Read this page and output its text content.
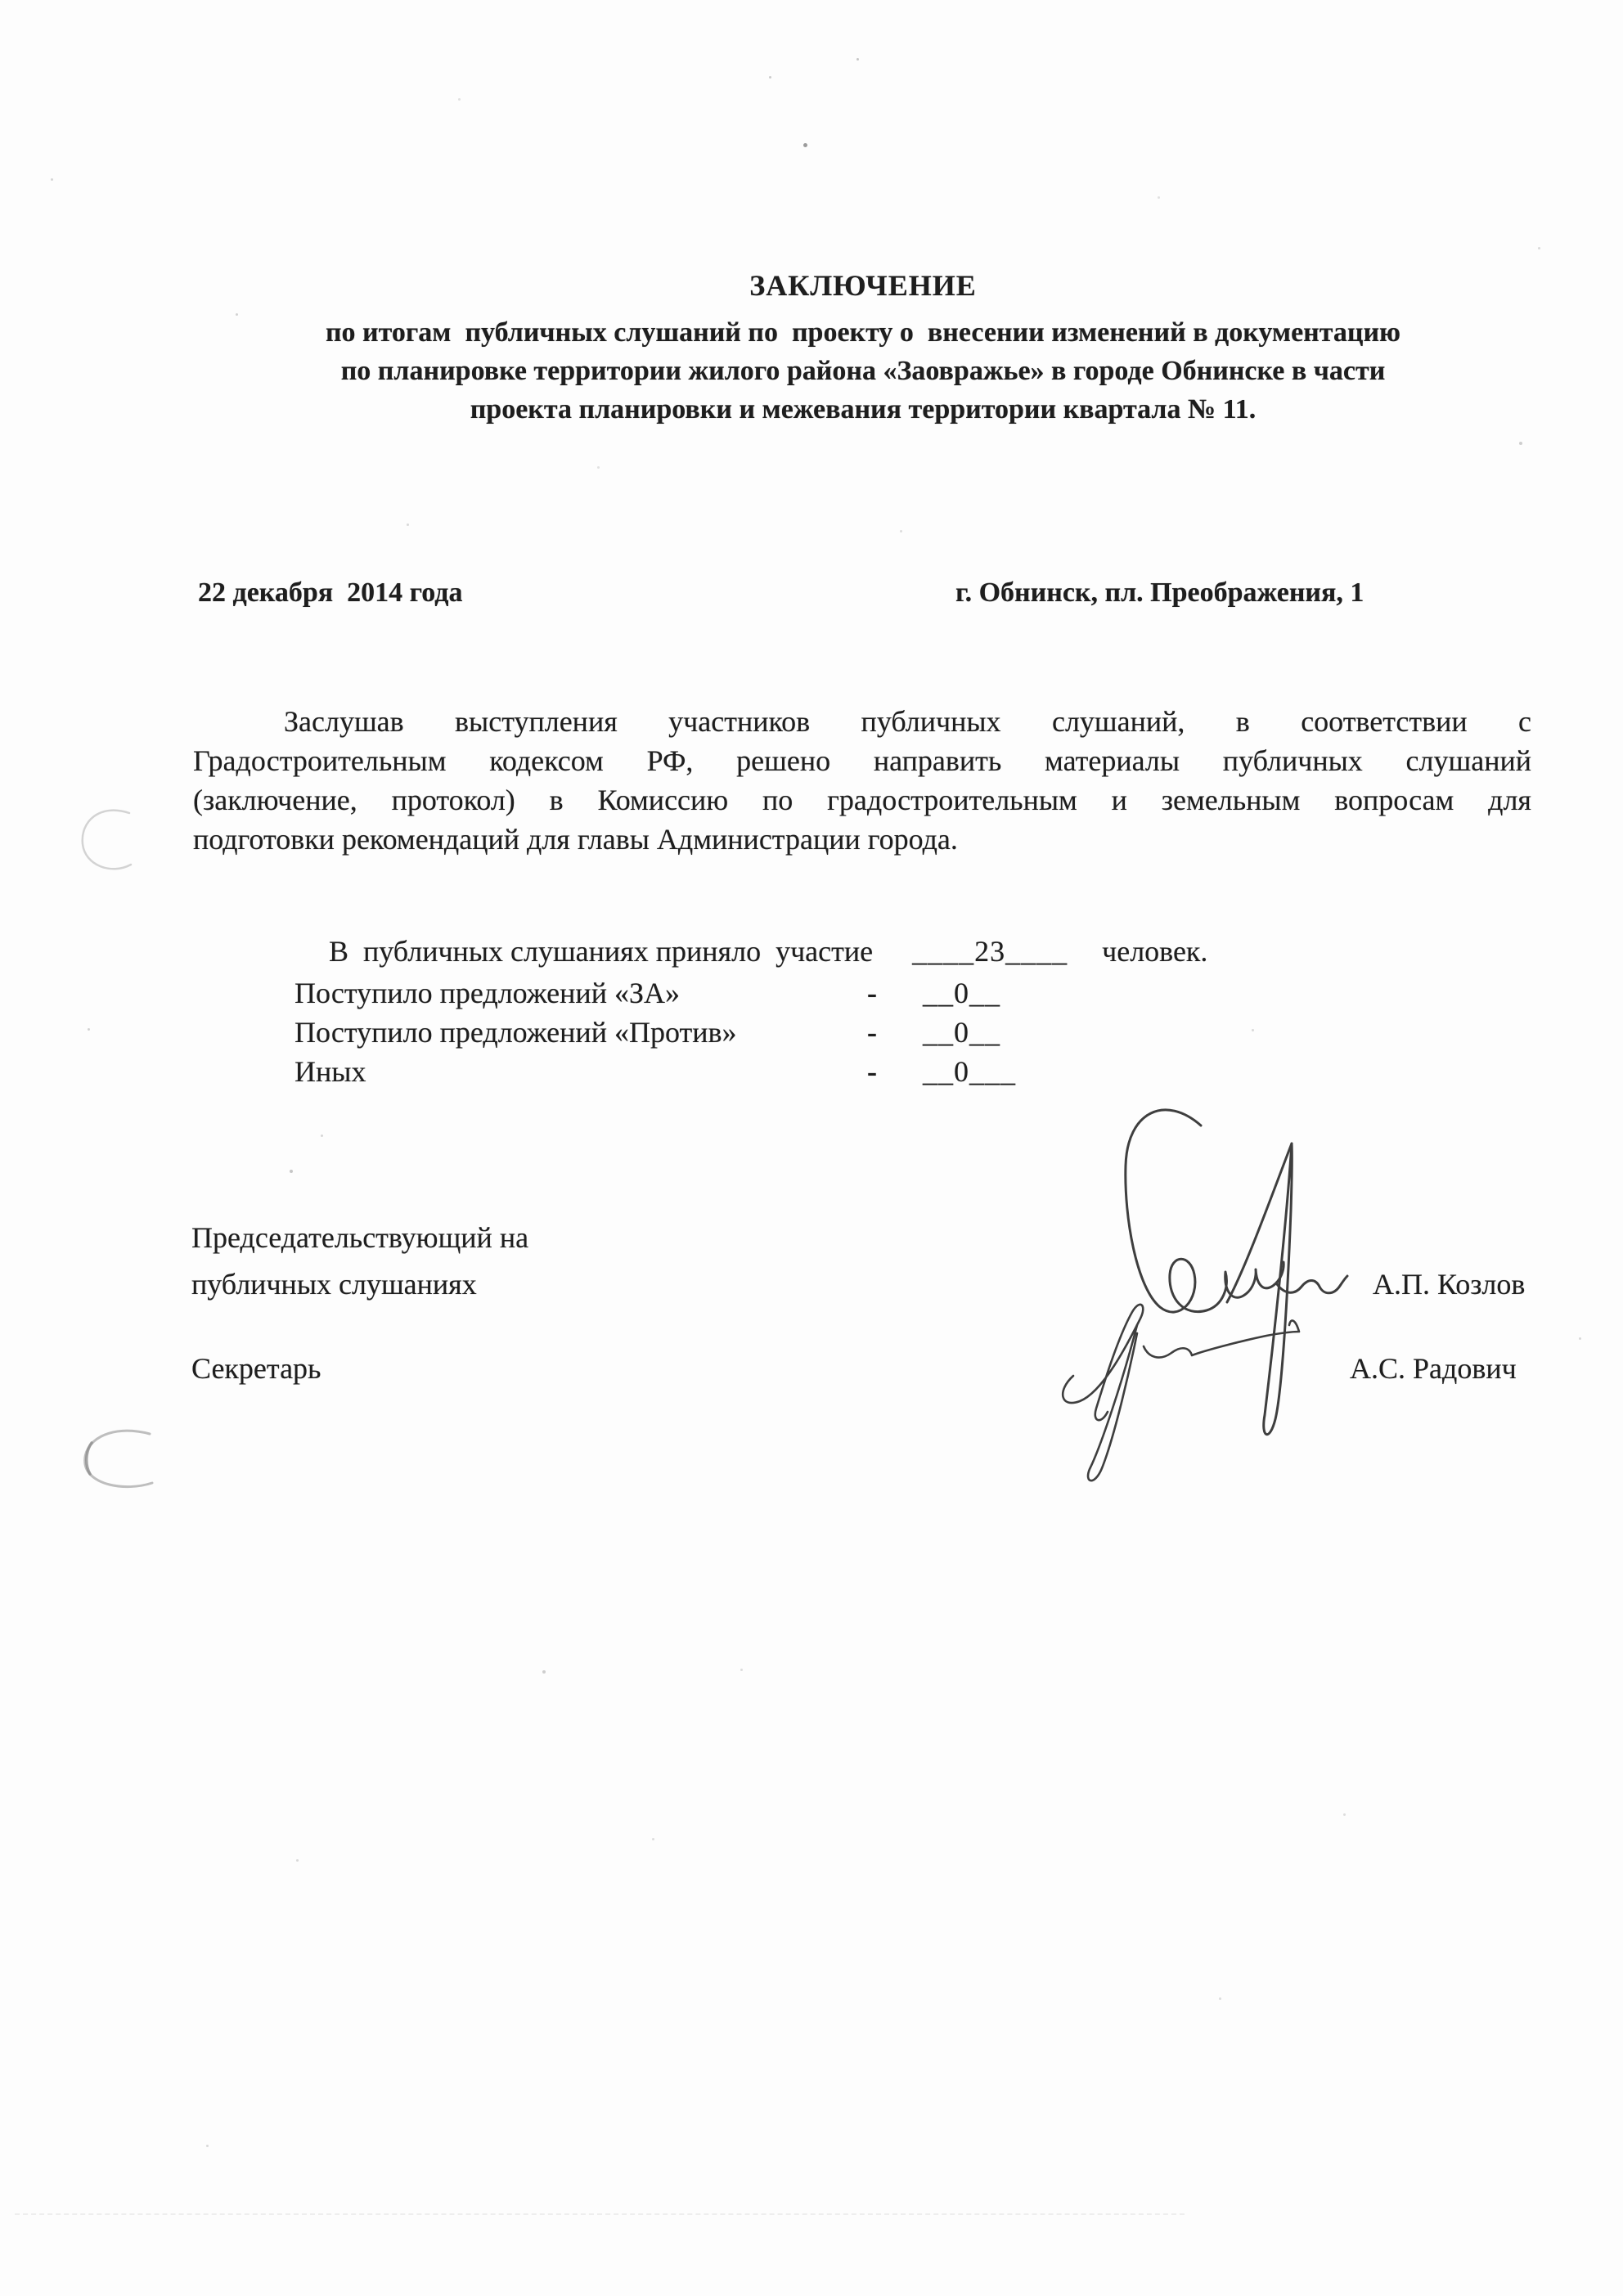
ЗАКЛЮЧЕНИЕ
по итогам  публичных слушаний по  проекту о  внесении изменений в документацию
по планировке территории жилого района «Заовражье» в городе Обнинске в части
проекта планировки и межевания территории квартала № 11.
22 декабря  2014 года	г. Обнинск, пл. Преображения, 1
Заслушав выступления участников публичных слушаний, в соответствии с
Градостроительным кодексом РФ, решено направить материалы публичных слушаний
(заключение, протокол) в Комиссию по градостроительным и земельным вопросам для
подготовки рекомендаций для главы Администрации города.

В  публичных слушаниях приняло  участие ____23____ человек.

Поступило предложений «ЗА»	- __0__
Поступило предложений «Против»	- __0__
Иных	- __0___
Председательствующий на
публичных слушаниях
Секретарь
А.П. Козлов
А.С. Радович
